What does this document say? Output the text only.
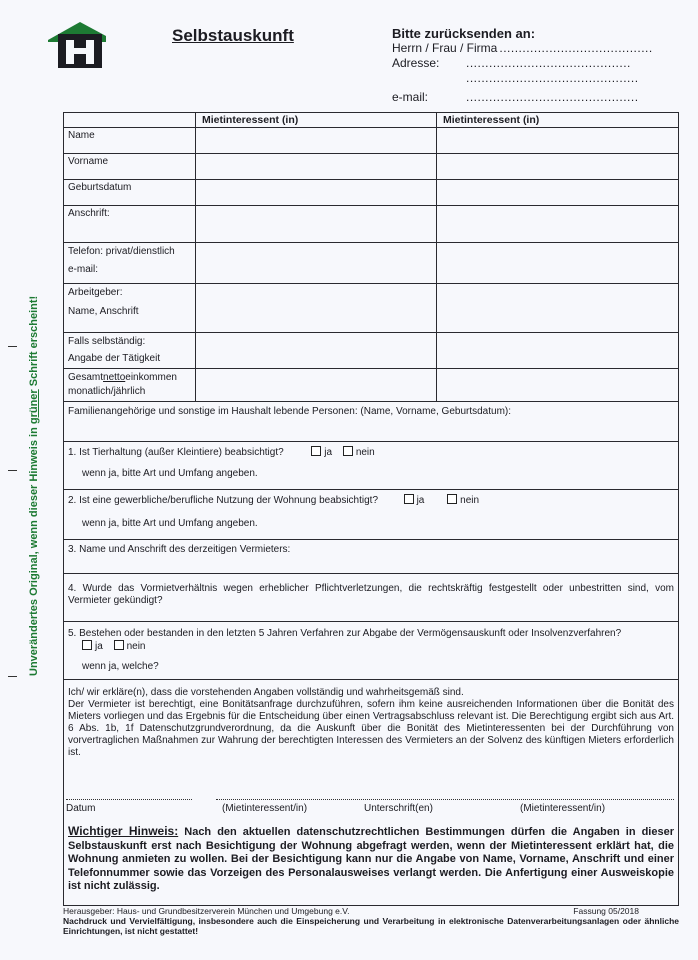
Selbstauskunft	Bitte zurücksenden an:
Herrn / Frau / Firma ........................................
Adresse:	...........................................
.............................................
e-mail:	.............................................
Unverändertes Original, wenn dieser Hinweis in grüner Schrift erscheint!
	Mietinteressent (in)	Mietinteressent (in)
Name		
Vorname		
Geburtsdatum		
Anschrift:		

Telefon: privat/dienstlich
e-mail:		

Arbeitgeber:
Name, Anschrift		

Falls selbständig:
Angabe der Tätigkeit		

Gesamtnettoeinkommen
monatlich/jährlich		

Familienangehörige und sonstige im Haushalt lebende Personen: (Name, Vorname, Geburtsdatum):
1. Ist Tierhaltung (außer Kleintiere) beabsichtigt?	ja nein
wenn ja, bitte Art und Umfang angeben.
2. Ist eine gewerbliche/berufliche Nutzung der Wohnung beabsichtigt?	ja	nein
wenn ja, bitte Art und Umfang angeben.
3. Name und Anschrift des derzeitigen Vermieters:
4. Wurde das Vormietverhältnis wegen erheblicher Pflichtverletzungen, die rechtskräftig festgestellt oder unbestritten sind, vom Vermieter gekündigt?
5. Bestehen oder bestanden in den letzten 5 Jahren Verfahren zur Abgabe der Vermögensauskunft oder Insolvenzverfahren?
ja nein
wenn ja, welche?
Ich/ wir erkläre(n), dass die vorstehenden Angaben vollständig und wahrheitsgemäß sind.
Der Vermieter ist berechtigt, eine Bonitätsanfrage durchzuführen, sofern ihm keine ausreichenden Informationen über die Bonität des Mieters vorliegen und das Ergebnis für die Entscheidung über einen Vertragsabschluss relevant ist. Die Berechtigung ergibt sich aus Art. 6 Abs. 1b, 1f Datenschutzgrundverordnung, da die Auskunft über die Bonität des Mietinteressenten bei der Durchführung von vorvertraglichen Maßnahmen zur Wahrung der berechtigten Interessen des Vermieters an der Solvenz des künftigen Mieters erforderlich ist.
Datum	(Mietinteressent/in)	Unterschrift(en)	(Mietinteressent/in)
Wichtiger Hinweis: Nach den aktuellen datenschutzrechtlichen Bestimmungen dürfen die Angaben in dieser Selbstauskunft erst nach Besichtigung der Wohnung abgefragt werden, wenn der Mietinteressent erklärt hat, die Wohnung anmieten zu wollen. Bei der Besichtigung kann nur die Angabe von Name, Vorname, Anschrift und einer Telefonnummer sowie das Vorzeigen des Personalausweises verlangt werden. Die Anfertigung einer Ausweiskopie ist nicht zulässig.
Herausgeber: Haus- und Grundbesitzerverein München und Umgebung e.V.	Fassung 05/2018
Nachdruck und Vervielfältigung, insbesondere auch die Einspeicherung und Verarbeitung in elektronische Datenverarbeitungsanlagen oder ähnliche Einrichtungen, ist nicht gestattet!
